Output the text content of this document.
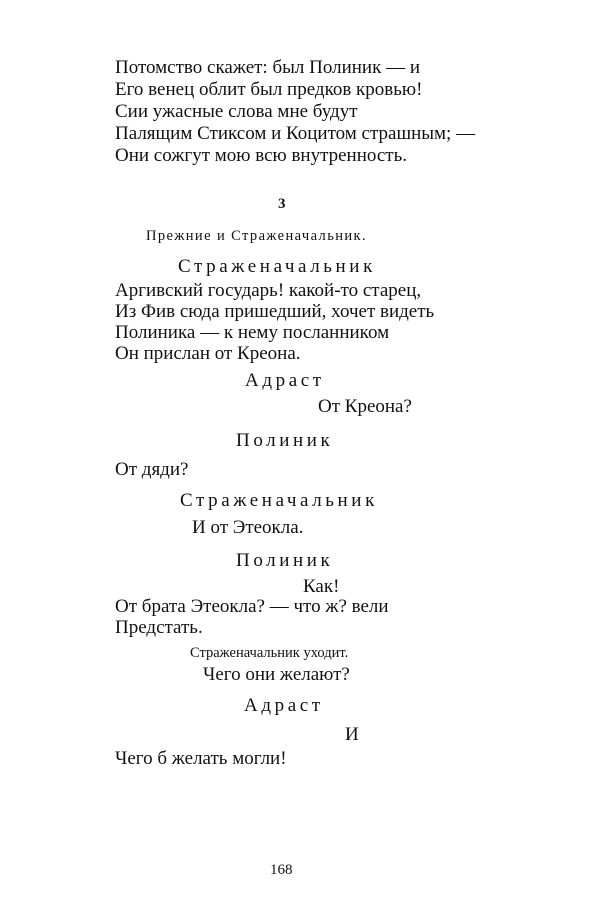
Потомство скажет: был Полиник — и
Его венец облит был предков кровью!
Сии ужасные слова мне будут
Палящим Стиксом и Коцитом страшным; —
Они сожгут мою всю внутренность.
3
Прежние и Страженачальник.
Страженачальник
Аргивский государь! какой-то старец,
Из Фив сюда пришедший, хочет видеть
Полиника — к нему посланником
Он прислан от Креона.
Адраст
От Креона?
Полиник
От дяди?
Страженачальник
И от Этеокла.
Полиник
Как!
От брата Этеокла? — что ж? вели
Предстать.
Страженачальник уходит.
Чего они желают?
Адраст
И
Чего б желать могли!
168
